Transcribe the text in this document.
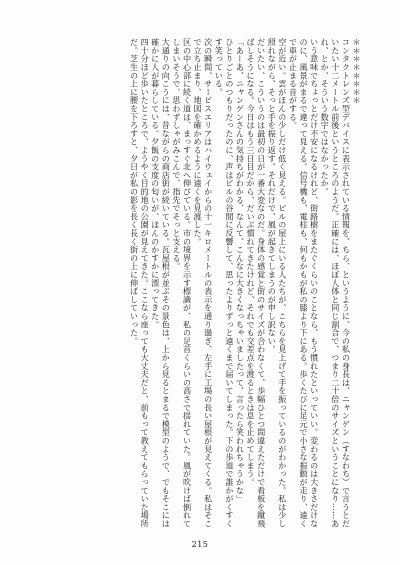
＊＊＊＊＊＊＊＊
コンタクトレンズ型デバイスに表示されている情報を、ちら、というように、今の私の身長は、ニャンゲン（すなわち）で言うとだいたい十二メートル前後というところのようだ。正確には、ほぼ人体と同じ割合で、つまり二十倍のサイズということになり……あれ、とか、そういう数字ではなかったか。
いう意味でちょっとだけ不安になるけれど、街路樹をまたぐくらいのことなら、もう慣れたといっていい。変わるのは大きさだけなのに、風景がまるで違って見える。信号機も、電柱も、何もかもが私の膝より下にある。歩くたびに足元で小さな振動が走り、遠くで車が止まる音がする。
空が近い。雲がほんの少しだけ低く見える。ビルの屋上にいる人たちが、こちらを見上げて手を振っているのがわかった。私は少し照れながら、そっと手を振り返す。それだけで、風が起きてしまうのが申し訳ない。
だいたい、こういうのは最初の日が一番大変なのだ。身体の感覚と街のサイズが合わなくて、歩幅ひとつ間違えただけで看板を蹴飛ばしそうになる。今日はもう三日目だから、だいぶ慣れてきたけれど、それでも交差点を渡るときは息を止めてしまう。
「あーあ、ニャンゲンさんの気持ちがわかる、なんて、こんなに大きくなっちゃいましたって、言ったら笑われちゃうかな」
ひとりごとのつもりだったのに、声はビルの谷間に反響して、思ったよりずっと遠くまで届いてしまった。下の歩道で誰かがくすくす笑っている。
次の瞬間、サービスエリアはハイウェイからの十一キロメートルの表示を通り過ぎ、左手に工場の長い屋根が見えてくる。私はそこで立ち止まり、地図を確かめるように遠くを見渡した。
区の中心部に続く道は、まっすぐ北へ伸びている。市の境界を示す標識が、私の足首くらいの高さで揺れていた。風が吹けば倒れてしまいそうで、思わずしゃがみこんで、指先でそっと支える。
大通りの向こうには、昔ながらの商店街が続いている。瓦屋根が並ぶその景色は、上から見るとまるで模型のようで、でもそこには確かに人が暮らしている。夕飯の支度の匂いが、ほんのかすかに漂ってきた。
四十分ほど歩いたところで、ようやく目的地の公園が見えてきた。ここなら座っても大丈夫だと、前もって教えてもらっていた場所だ。芝生の上に腰を下ろすと、夕日が私の影を長く長く街の上に伸ばしていった。
215
